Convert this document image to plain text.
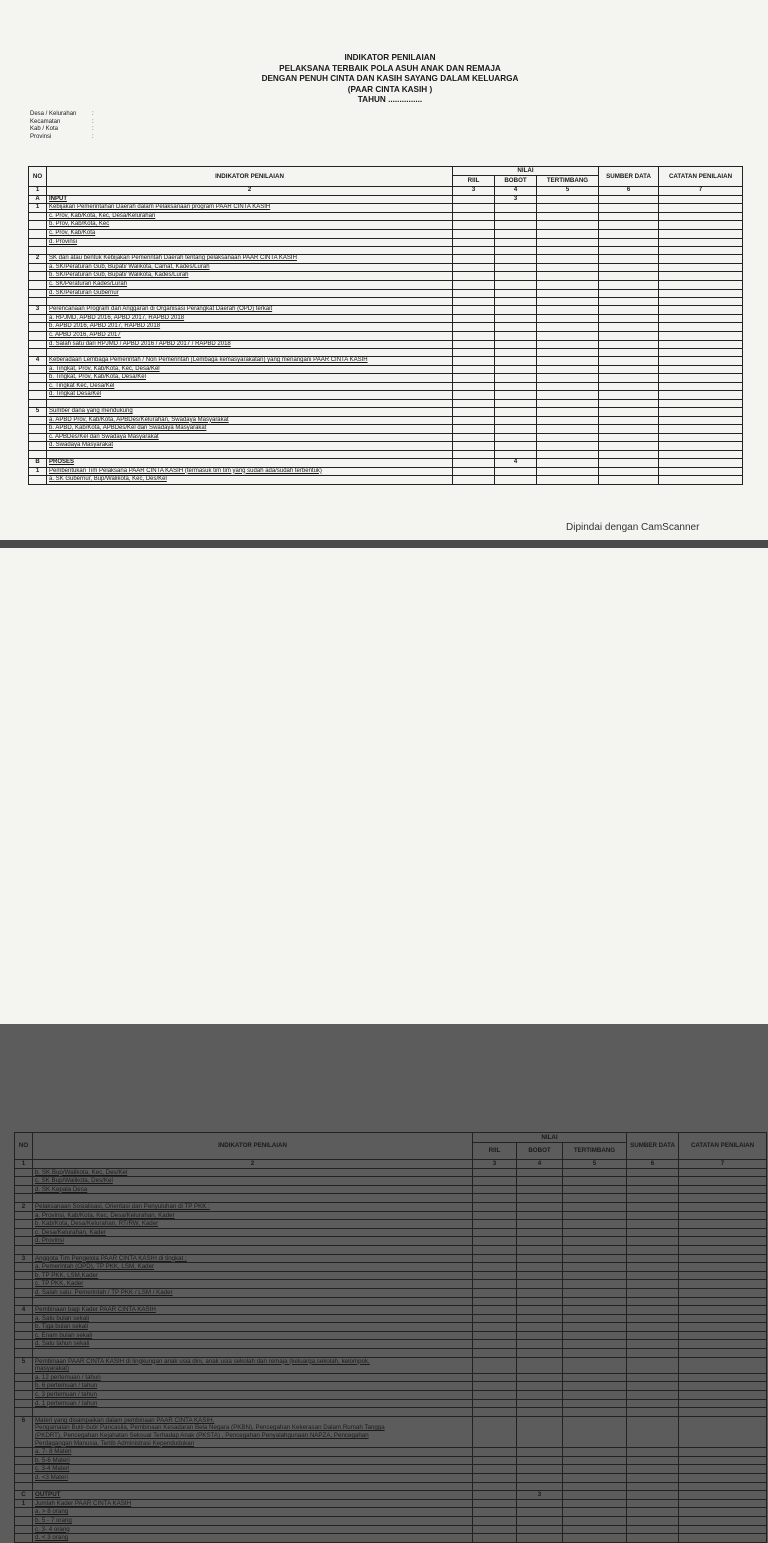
INDIKATOR PENILAIAN
PELAKSANA TERBAIK POLA ASUH ANAK DAN REMAJA
DENGAN PENUH CINTA DAN KASIH SAYANG DALAM KELUARGA
(PAAR CINTA KASIH )
TAHUN ...............
Desa / Kelurahan	:
Kecamatan	:
Kab / Kota	:
Provinsi	:
NO	INDIKATOR PENILAIAN	NILAI			SUMBER DATA	CATATAN PENILAIAN
		RIIL	BOBOT	TERTIMBANG		
1	2	3	4	5	6	7
A	INPUT		3			
1	Kebijakan Pemerintahan Daerah dalam Pelaksanaan program PAAR CINTA KASIH					
	c. Prov, Kab/Kota, Kec, Desa/Kelurahan					
	b. Prov, Kab/Kota, Kec					
	c. Prov, Kab/Kota					
	d. Provinsi					

2	SK dan atau bentuk Kebijakan Pemerintah Daerah tentang pelaksanaan PAAR CINTA KASIH					
	a. SK/Peraturan Gub, Bupati/ Walikota, Camat, Kades/Lurah					
	b. SK/Peraturan Gub, Bupati/ Walikota, Kades/Lurah					
	c. SK/Peraturan Kades/Lurah					
	d. SK/Peraturan Gubernur					

3	Perencanaan Program dan Anggaran di Organisasi Perangkat Daerah (OPD) terkait					
	a. RPJMD, APBD 2016, APBD 2017, RAPBD 2018					
	b. APBD 2016, APBD 2017, RAPBD 2018					
	c. APBD 2016, APBD 2017					
	d. Salah satu dari RPJMD / APBD 2016 / APBD 2017 / RAPBD 2018					

4	Keberadaan Lembaga Pemerintah / Non Pemerintah (Lembaga kemasyarakatan) yang menangani PAAR CINTA KASIH					
	a. Tingkat, Prov, Kab/Kota, Kec, Desa/Kel					
	b. Tingkat, Prov, Kab/Kota, Desa/Kel					
	c. Tingkat Kec, Desa/Kel					
	d. Tingkat Desa/Kel					

5	Sumber dana yang mendukung					
	a. APBD Prov, Kab/Kota, APBDes/Kelurahan, Swadaya Masyarakat					
	b. APBD, Kab/Kota, APBDes/Kel dan Swadaya Masyarakat					
	c. APBDes/Kel dan Swadaya Masyarakat					
	d. Swadaya Masyarakat					

B	PROSES		4			
1	Pembentukan Tim Pelaksana PAAR CINTA KASIH (termasuk tim tim yang sudah ada/sudah terbentuk)					
	a. SK Gubernur, Bup/Walikota, Kec, Des/Kel					
Dipindai dengan CamScanner
NO	INDIKATOR PENILAIAN	NILAI			SUMBER DATA	CATATAN PENILAIAN
		RIIL	BOBOT	TERTIMBANG		
1	2	3	4	5	6	7
	b. SK Bup/Walikota, Kec, Des/Kel					
	c. SK Bup/Walikota, Des/Kel					
	d. SK Kepala Desa					

2	Pelaksanaan Sosialisasi, Orientasi dan Penyuluhan di TP PKK :					
	a. Provinsi, Kab/Kota, Kec, Desa/Kelurahan, Kader					
	b. Kab/Kota, Desa/Kelurahan, RT/RW, Kader					
	c. Desa/Kelurahan, Kader					
	d. Provinsi					

3	Anggota Tim Pengelola PAAR CINTA KASIH di tingkat ;					
	a. Pemerintah (OPD), TP PKK, LSM, Kader					
	b. TP PKK, LSM,Kader					
	c. TP PKK, Kader					
	d. Salah satu: Pemerintah / TP PKK / LSM / Kader					

4	Pembinaan bagi Kader PAAR CINTA KASIH					
	a. Satu bulan sekali					
	b. Tiga bulan sekali					
	c. Enam bulan sekali					
	d. Satu tahun sekali					

5	Pembinaan PAAR CINTA KASIH di lingkungan anak usia dini, anak usia sekolah dan remaja (keluarga,sekolah, kelompok,
masyarakat)					

	a. 12 pertemuan / tahun					
	b. 6 pertemuan / tahun					
	c. 3 pertemuan / tahun					
	d. 1 pertemuan / tahun					

6	Materi yang disampaikan dalam pembinaan PAAR CINTA KASIH,
Pengamalan Butir-butir Pancasila, Pembinaan Kesadaran Bela Negara (PKBN), Pencegahan Kekerasan Dalam Rumah Tangga
(PKDRT), Pencegahan Kejahatan Seksual Terhadap Anak (PKSTA) , Pencegahan Penyalahgunaan NAPZA, Pencegahan
Perdagangan Manusia, Tertib Administrasi Kependudukan					

	a. 7- 8 Materi					
	b. 5-6 Materi					
	c. 3-4 Materi					
	d. <3 Materi					

C	OUTPUT		3			
1	Jumlah Kader PAAR CINTA KASIH					
	a. > 8 orang					
	b. 5 - 7 orang					
	c. 3- 4 orang					
	d. < 3 orang					
